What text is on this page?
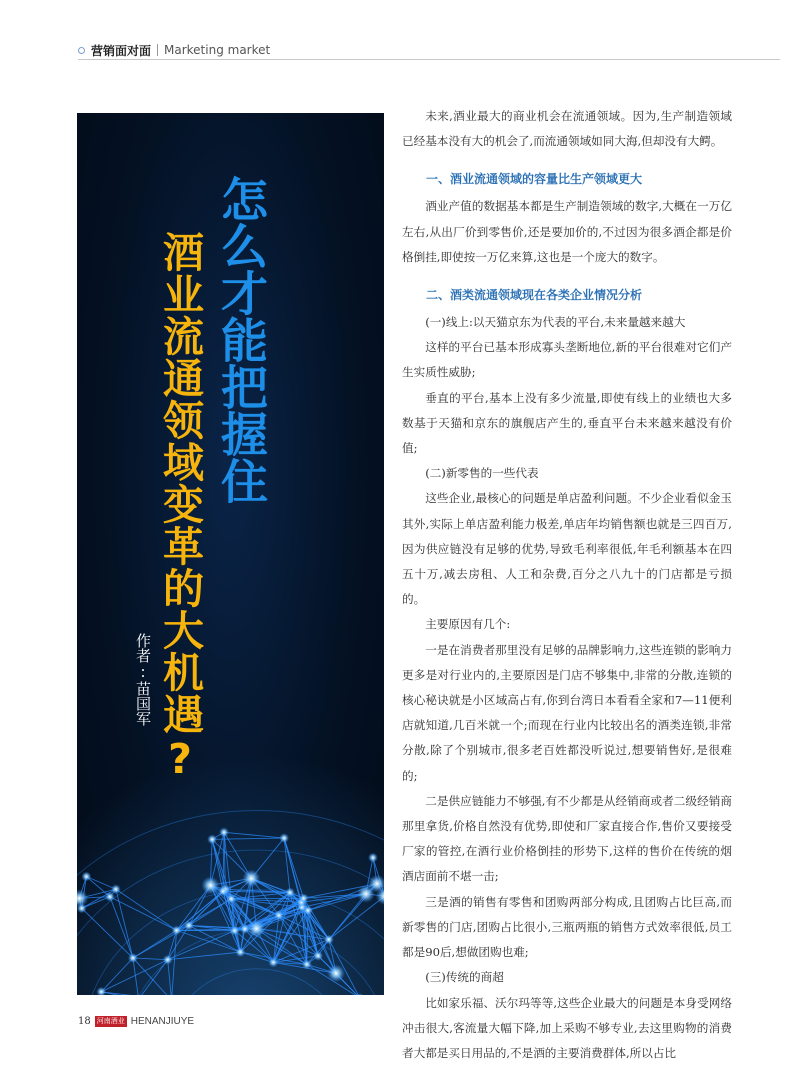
营销面对面 Marketing market
怎么才能把握住
酒业流通领域变革的大机遇?
作者:苗国军

未来,酒业最大的商业机会在流通领域。因为,生产制造领域已经基本没有大的机会了,而流通领域如同大海,但却没有大鳄。

一、酒业流通领域的容量比生产领域更大

酒业产值的数据基本都是生产制造领域的数字,大概在一万亿左右,从出厂价到零售价,还是要加价的,不过因为很多酒企都是价格倒挂,即使按一万亿来算,这也是一个庞大的数字。

二、酒类流通领域现在各类企业情况分析

(一)线上:以天猫京东为代表的平台,未来量越来越大

这样的平台已基本形成寡头垄断地位,新的平台很难对它们产生实质性威胁;

垂直的平台,基本上没有多少流量,即使有线上的业绩也大多数基于天猫和京东的旗舰店产生的,垂直平台未来越来越没有价值;

(二)新零售的一些代表

这些企业,最核心的问题是单店盈利问题。不少企业看似金玉其外,实际上单店盈利能力极差,单店年均销售额也就是三四百万,因为供应链没有足够的优势,导致毛利率很低,年毛利额基本在四五十万,减去房租、人工和杂费,百分之八九十的门店都是亏损的。

主要原因有几个:

一是在消费者那里没有足够的品牌影响力,这些连锁的影响力更多是对行业内的,主要原因是门店不够集中,非常的分散,连锁的核心秘诀就是小区域高占有,你到台湾日本看看全家和7—11便利店就知道,几百米就一个;而现在行业内比较出名的酒类连锁,非常分散,除了个别城市,很多老百姓都没听说过,想要销售好,是很难的;

二是供应链能力不够强,有不少都是从经销商或者二级经销商那里拿货,价格自然没有优势,即使和厂家直接合作,售价又要接受厂家的管控,在酒行业价格倒挂的形势下,这样的售价在传统的烟酒店面前不堪一击;

三是酒的销售有零售和团购两部分构成,且团购占比巨高,而新零售的门店,团购占比很小,三瓶两瓶的销售方式效率很低,员工都是90后,想做团购也难;

(三)传统的商超

比如家乐福、沃尔玛等等,这些企业最大的问题是本身受网络冲击很大,客流量大幅下降,加上采购不够专业,去这里购物的消费者大都是买日用品的,不是酒的主要消费群体,所以占比

18 河南酒业 HENANJIUYE
